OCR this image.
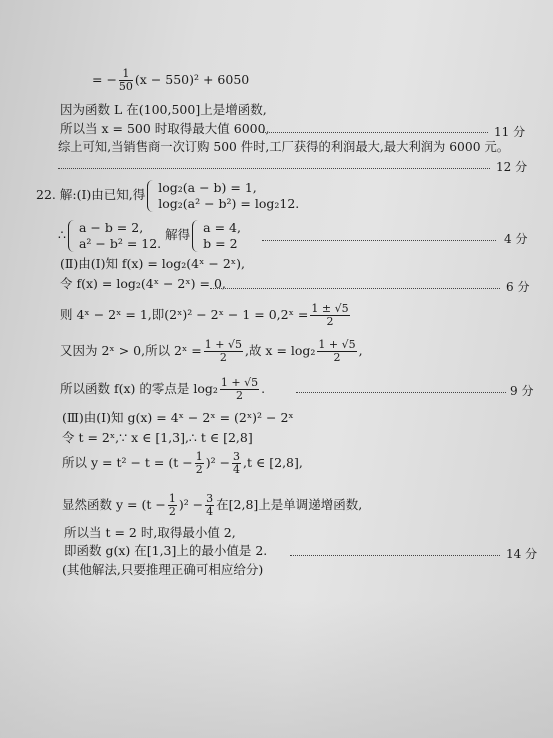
= − $\frac{1}{50} (x - 550)^2 + 6050$
因为函数 L 在(100,500]上是增函数,
所以当 x = 500 时取得最大值 6000,	11 分
综上可知,当销售商一次订购 500 件时,工厂获得的利润最大,最大利润为 6000 元。
12 分
22. 解:(Ⅰ)由已知,得 log₂(a − b) = 1,
log₂(a² − b²) = log₂12.
∴ a − b = 2,
a² − b² = 12.
解得 a = 4,
b = 2	4 分
(Ⅱ)由(Ⅰ)知 f(x) = log₂(4ˣ − 2ˣ),
令 f(x) = log₂(4ˣ − 2ˣ) = 0,	6 分
则 4ˣ − 2ˣ = 1,即(2ˣ)² − 2ˣ − 1 = 0,2ˣ = $\frac{1 \pm √5}{2}$
又因为 2ˣ > 0,所以 2ˣ = $\frac{1 + √5}{2}$ ,故 $x = \log_2 \frac{1 + √5}{2}$ ,
所以函数 f(x) 的零点是 $\log_2 \frac{1 + √5}{2}$ .	9 分
(Ⅲ)由(Ⅰ)知 g(x) = 4ˣ − 2ˣ = (2ˣ)² − 2ˣ
令 t = 2ˣ,∵ x ∈ [1,3],∴ t ∈ [2,8]
所以 $y = t^2 - t = (t - \frac{1}{2} )^2 - \frac{3}{4} ,t$ ∈ [2,8],
显然函数 $y = (t - \frac{1}{2} )^2 - \frac{3}{4}$ 在[2,8]上是单调递增函数,
所以当 t = 2 时,取得最小值 2,
即函数 g(x) 在[1,3]上的最小值是 2.	14 分
(其他解法,只要推理正确可相应给分)
